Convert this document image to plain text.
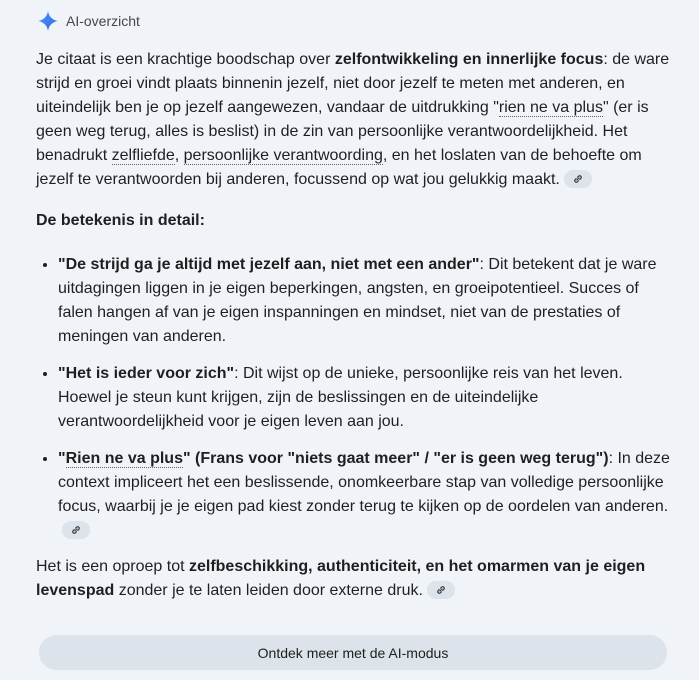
AI-overzicht

Je citaat is een krachtige boodschap over zelfontwikkeling en innerlijke focus: de ware strijd en groei vindt plaats binnenin jezelf, niet door jezelf te meten met anderen, en uiteindelijk ben je op jezelf aangewezen, vandaar de uitdrukking "rien ne va plus" (er is geen weg terug, alles is beslist) in de zin van persoonlijke verantwoordelijkheid. Het benadrukt zelfliefde, persoonlijke verantwoording, en het loslaten van de behoefte om jezelf te verantwoorden bij anderen, focussend op wat jou gelukkig maakt.

De betekenis in detail:

• "De strijd ga je altijd met jezelf aan, niet met een ander": Dit betekent dat je ware uitdagingen liggen in je eigen beperkingen, angsten, en groeipotentieel. Succes of falen hangen af van je eigen inspanningen en mindset, niet van de prestaties of meningen van anderen.
• "Het is ieder voor zich": Dit wijst op de unieke, persoonlijke reis van het leven. Hoewel je steun kunt krijgen, zijn de beslissingen en de uiteindelijke verantwoordelijkheid voor je eigen leven aan jou.
• "Rien ne va plus" (Frans voor "niets gaat meer" / "er is geen weg terug"): In deze context impliceert het een beslissende, onomkeerbare stap van volledige persoonlijke focus, waarbij je je eigen pad kiest zonder terug te kijken op de oordelen van anderen.

Het is een oproep tot zelfbeschikking, authenticiteit, en het omarmen van je eigen levenspad zonder je te laten leiden door externe druk.

Ontdek meer met de AI-modus
